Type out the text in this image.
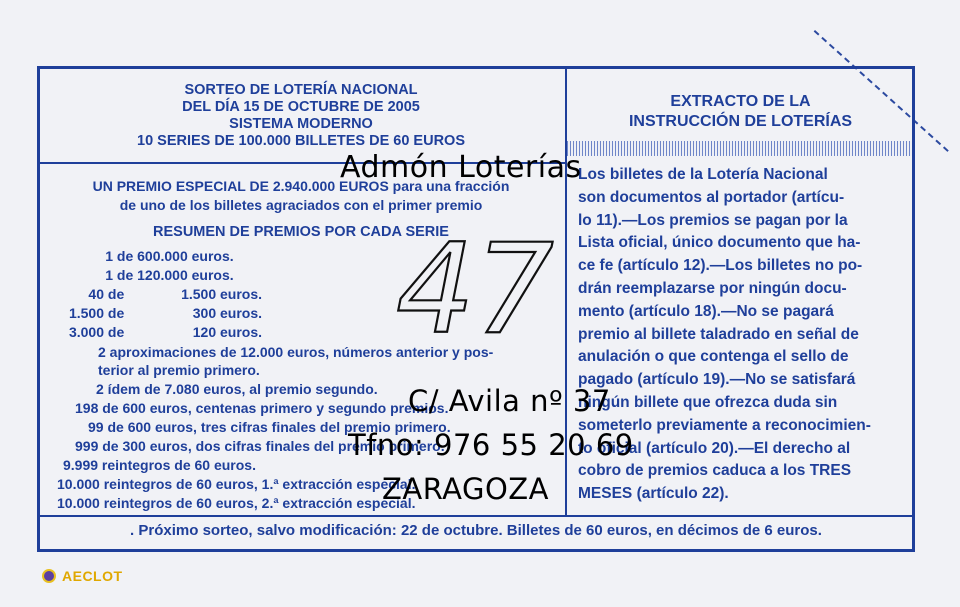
SORTEO DE LOTERÍA NACIONAL
DEL DÍA 15 DE OCTUBRE DE 2005
SISTEMA MODERNO
10 SERIES DE 100.000 BILLETES DE 60 EUROS
EXTRACTO DE LA
INSTRUCCIÓN DE LOTERÍAS
UN PREMIO ESPECIAL DE 2.940.000 EUROS para una fracción
de uno de los billetes agraciados con el primer premio
RESUMEN DE PREMIOS POR CADA SERIE
1 de 600.000 euros.
1 de 120.000 euros.
40 de	1.500 euros.
1.500 de	300 euros.
3.000 de	120 euros.
2 aproximaciones de 12.000 euros, números anterior y pos-
terior al premio primero.
2 ídem de 7.080 euros, al premio segundo.
198 de 600 euros, centenas primero y segundo premios.
99 de 600 euros, tres cifras finales del premio primero.
999 de 300 euros, dos cifras finales del premio primero.
9.999 reintegros de 60 euros.
10.000 reintegros de 60 euros, 1.ª extracción especial.
10.000 reintegros de 60 euros, 2.ª extracción especial.
Los billetes de la Lotería Nacional
son documentos al portador (artícu-
lo 11).—Los premios se pagan por la
Lista oficial, único documento que ha-
ce fe (artículo 12).—Los billetes no po-
drán reemplazarse por ningún docu-
mento (artículo 18).—No se pagará
premio al billete taladrado en señal de
anulación o que contenga el sello de
pagado (artículo 19).—No se satisfará
ningún billete que ofrezca duda sin
someterlo previamente a reconocimien-
to oficial (artículo 20).—El derecho al
cobro de premios caduca a los TRES
MESES (artículo 22).
. Próximo sorteo, salvo modificación: 22 de octubre. Billetes de 60 euros, en décimos de 6 euros.
Admón Loterías
47
C/ Avila nº 37
Tfno: 976 55 20 69
ZARAGOZA
AECLOT
